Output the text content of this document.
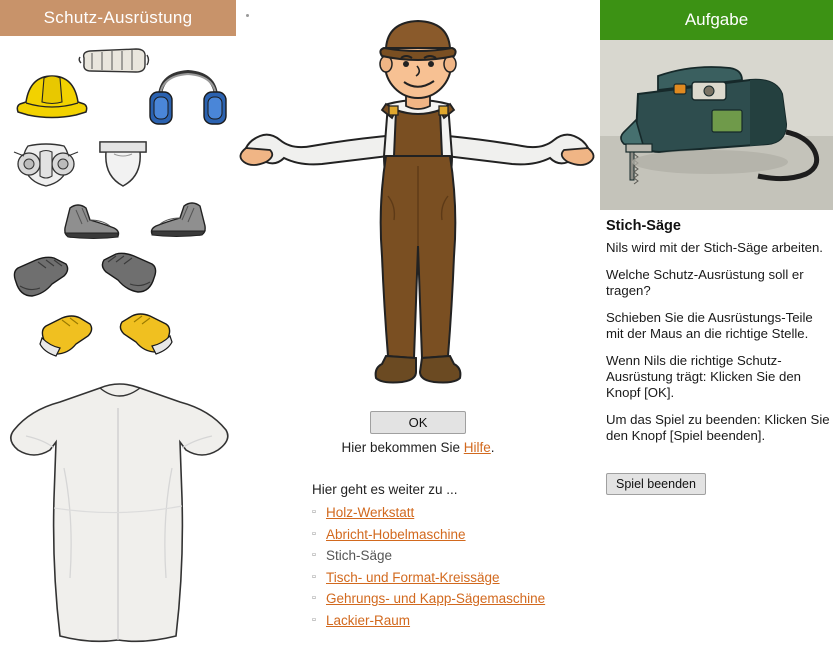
Schutz-Ausrüstung
OK
Hier bekommen Sie Hilfe.
Hier geht es weiter zu ...
▫ Holz-Werkstatt
▫ Abricht-Hobelmaschine
▫ Stich-Säge
▫ Tisch- und Format-Kreissäge
▫ Gehrungs- und Kapp-Sägemaschine
▫ Lackier-Raum
Aufgabe
Stich-Säge

Nils wird mit der Stich-Säge arbeiten.

Welche Schutz-Ausrüstung soll er tragen?

Schieben Sie die Ausrüstungs-Teile mit der Maus an die richtige Stelle.

Wenn Nils die richtige Schutz-Ausrüstung trägt: Klicken Sie den Knopf [OK].

Um das Spiel zu beenden: Klicken Sie den Knopf [Spiel beenden].

Spiel beenden
